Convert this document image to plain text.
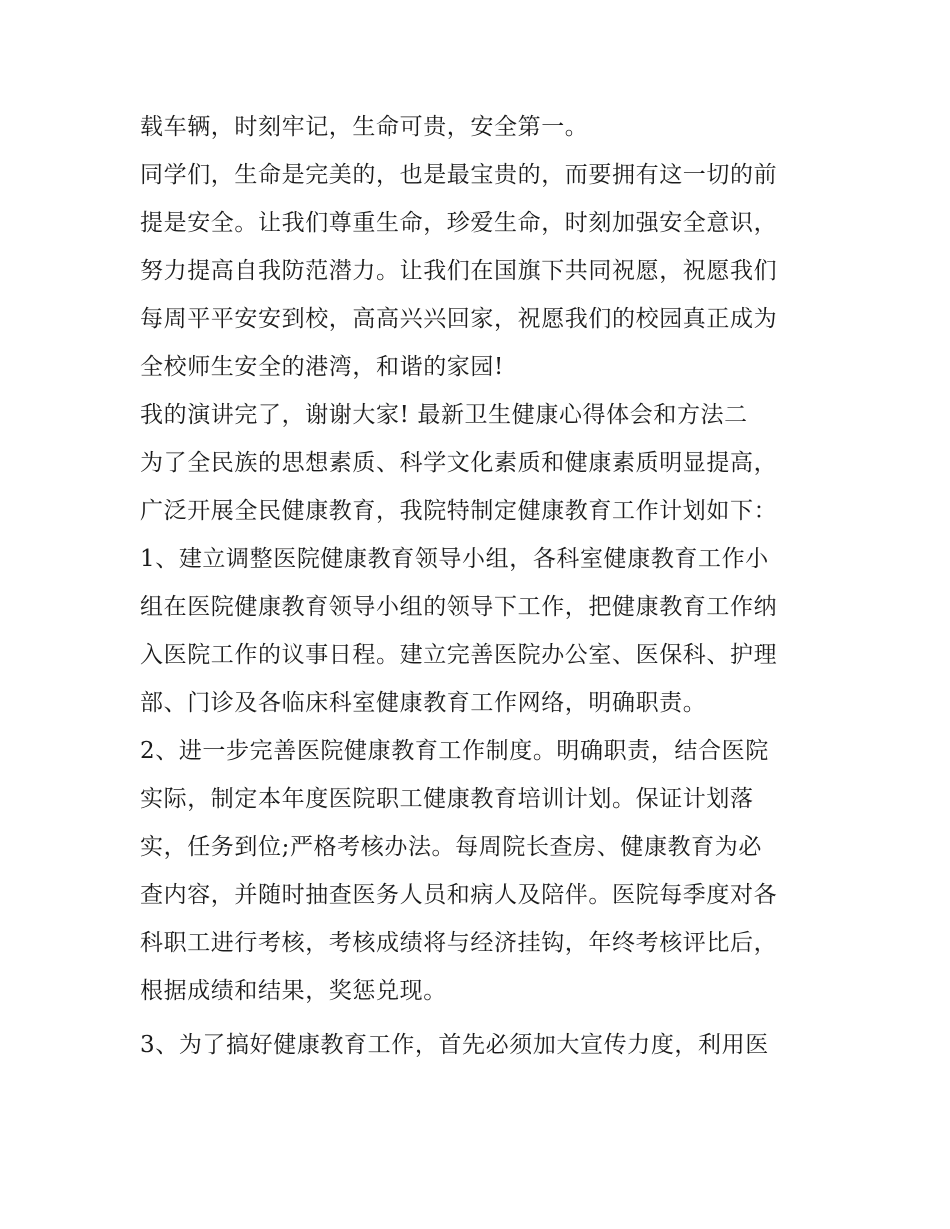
载车辆，时刻牢记，生命可贵，安全第一。
同学们，生命是完美的，也是最宝贵的，而要拥有这一切的前
提是安全。让我们尊重生命，珍爱生命，时刻加强安全意识，
努力提高自我防范潜力。让我们在国旗下共同祝愿，祝愿我们
每周平平安安到校，高高兴兴回家，祝愿我们的校园真正成为
全校师生安全的港湾，和谐的家园!
我的演讲完了，谢谢大家! 最新卫生健康心得体会和方法二
为了全民族的思想素质、科学文化素质和健康素质明显提高，
广泛开展全民健康教育，我院特制定健康教育工作计划如下：
1、建立调整医院健康教育领导小组，各科室健康教育工作小
组在医院健康教育领导小组的领导下工作，把健康教育工作纳
入医院工作的议事日程。建立完善医院办公室、医保科、护理
部、门诊及各临床科室健康教育工作网络，明确职责。
2、进一步完善医院健康教育工作制度。明确职责，结合医院
实际，制定本年度医院职工健康教育培训计划。保证计划落
实，任务到位;严格考核办法。每周院长查房、健康教育为必
查内容，并随时抽查医务人员和病人及陪伴。医院每季度对各
科职工进行考核，考核成绩将与经济挂钩，年终考核评比后，
根据成绩和结果，奖惩兑现。
3、为了搞好健康教育工作，首先必须加大宣传力度，利用医
